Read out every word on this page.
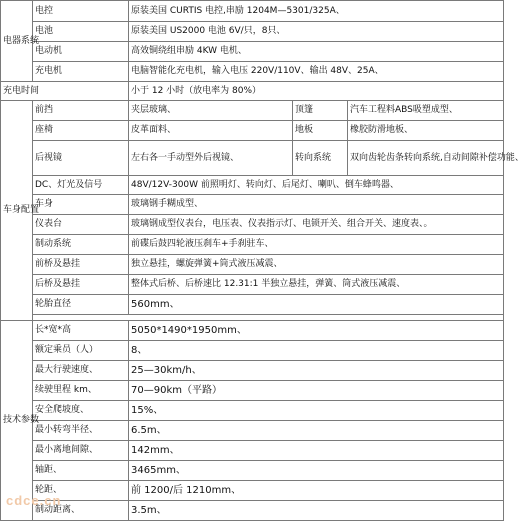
电器系统	电控	原装美国 CURTIS 电控,串励 1204M—5301/325A、		
	电池	原装美国 US2000 电池 6V/只，8只、		
	电动机	高效铜绕组串励 4KW 电机、		
	充电机	电脑智能化充电机，输入电压 220V/110V、输出 48V、25A、		
充电时间		小于 12 小时（放电率为 80%）		
车身配置	前挡	夹层玻璃、	顶篷	汽车工程料ABS吸塑成型、
	座椅	皮革面料、	地板	橡胶防滑地板、
	后视镜	左右各一手动型外后视镜、	转向系统	双向齿轮齿条转向系统,自动间隙补偿功能、
	DC、灯光及信号	48V/12V-300W 前照明灯、转向灯、后尾灯、喇叭、倒车蜂鸣器、		
	车身	玻璃钢手糊成型、		
	仪表台	玻璃钢成型仪表台，电压表、仪表指示灯、电锁开关、组合开关、速度表、。		
	制动系统	前碟后鼓四轮液压刹车+手刹驻车、		
	前桥及悬挂	独立悬挂，螺旋弹簧+筒式液压减震、		
	后桥及悬挂	整体式后桥、后桥速比 12.31:1 半独立悬挂，弹簧、筒式液压减震、		
	轮胎直径	560mm、		

技术参数	长*宽*高	5050*1490*1950mm、		
	额定乘员（人）	8、		
	最大行驶速度、	25—30km/h、		
	续驶里程 km、	70—90km（平路）		
	安全爬坡度、	15%、		
	最小转弯半径、	6.5m、		
	最小离地间隙、	142mm、		
	轴距、	3465mm、		
	轮距、	前 1200/后 1210mm、		
	制动距离、	3.5m、		
cdce.cn
